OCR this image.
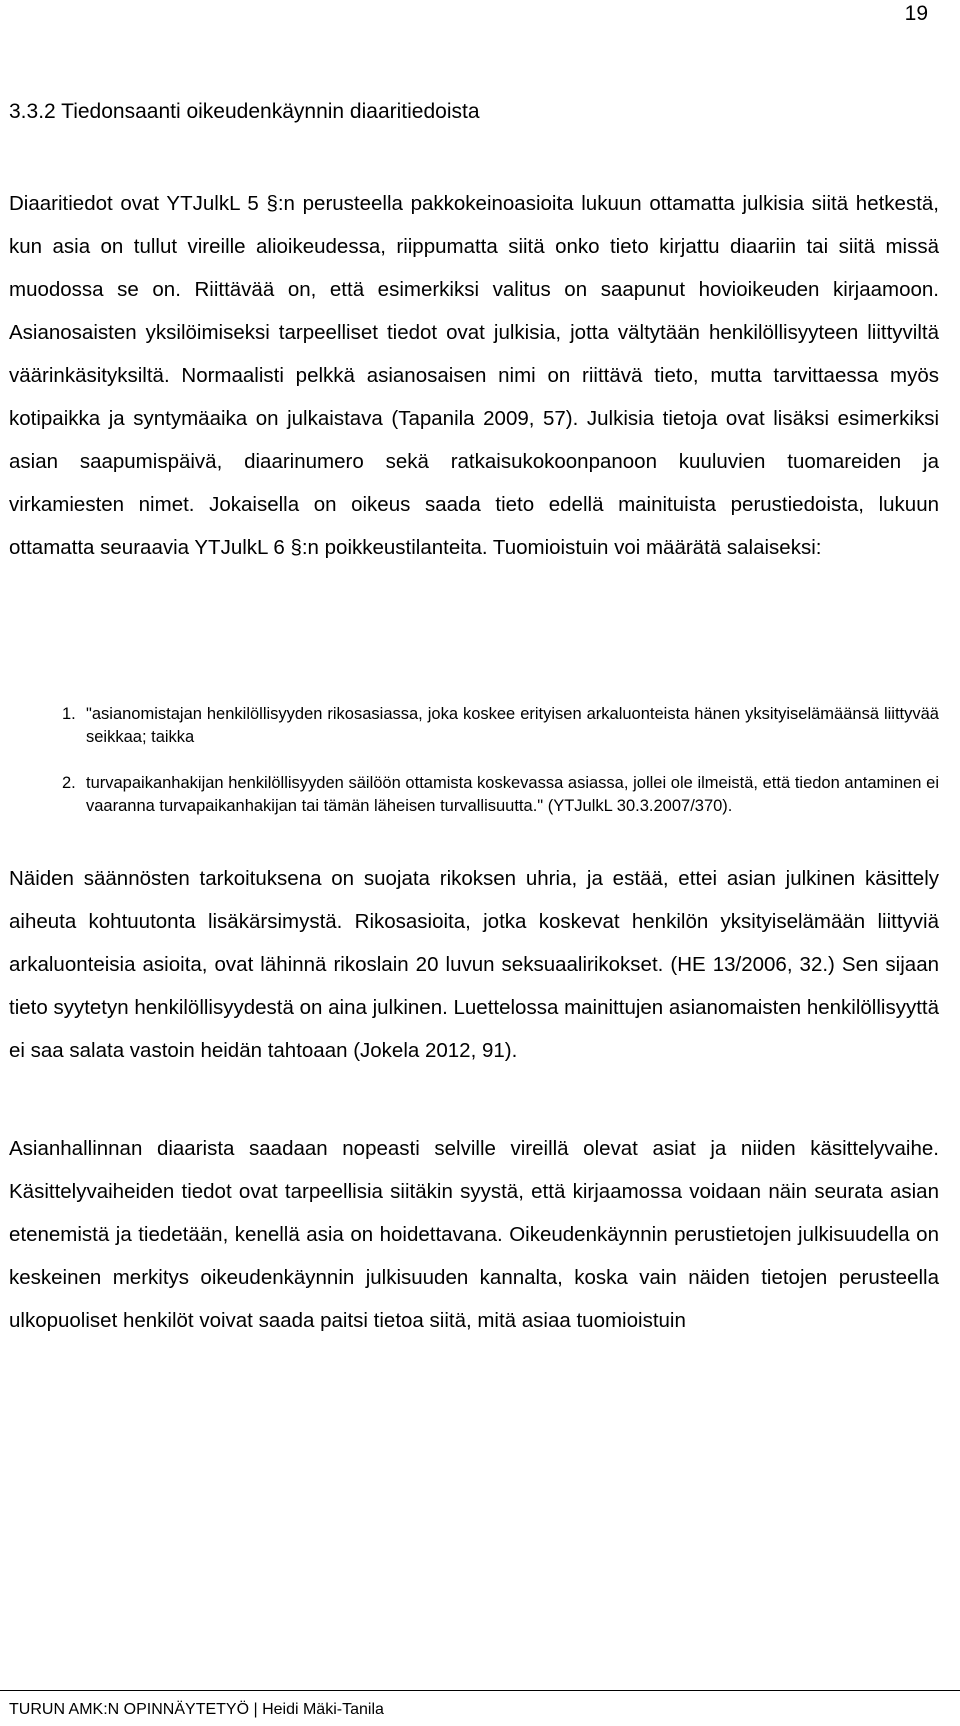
19
3.3.2 Tiedonsaanti oikeudenkäynnin diaaritiedoista

Diaaritiedot ovat YTJulkL 5 §:n perusteella pakkokeinoasioita lukuun ottamatta julkisia siitä hetkestä, kun asia on tullut vireille alioikeudessa, riippumatta siitä onko tieto kirjattu diaariin tai siitä missä muodossa se on. Riittävää on, että esimerkiksi valitus on saapunut hovioikeuden kirjaamoon. Asianosaisten yksilöimiseksi tarpeelliset tiedot ovat julkisia, jotta vältytään henkilöllisyyteen liittyviltä väärinkäsityksiltä. Normaalisti pelkkä asianosaisen nimi on riittävä tieto, mutta tarvittaessa myös kotipaikka ja syntymäaika on julkaistava (Tapanila 2009, 57). Julkisia tietoja ovat lisäksi esimerkiksi asian saapumispäivä, diaarinumero sekä ratkaisukokoonpanoon kuuluvien tuomareiden ja virkamiesten nimet. Jokaisella on oikeus saada tieto edellä mainituista perustiedoista, lukuun ottamatta seuraavia YTJulkL 6 §:n poikkeustilanteita. Tuomioistuin voi määrätä salaiseksi:

1. "asianomistajan henkilöllisyyden rikosasiassa, joka koskee erityisen arkaluonteista hänen yksityiselämäänsä liittyvää seikkaa; taikka
2. turvapaikanhakijan henkilöllisyyden säilöön ottamista koskevassa asiassa, jollei ole ilmeistä, että tiedon antaminen ei vaaranna turvapaikanhakijan tai tämän läheisen turvallisuutta." (YTJulkL 30.3.2007/370).

Näiden säännösten tarkoituksena on suojata rikoksen uhria, ja estää, ettei asian julkinen käsittely aiheuta kohtuutonta lisäkärsimystä. Rikosasioita, jotka koskevat henkilön yksityiselämään liittyviä arkaluonteisia asioita, ovat lähinnä rikoslain 20 luvun seksuaalirikokset. (HE 13/2006, 32.) Sen sijaan tieto syytetyn henkilöllisyydestä on aina julkinen. Luettelossa mainittujen asianomaisten henkilöllisyyttä ei saa salata vastoin heidän tahtoaan (Jokela 2012, 91).

Asianhallinnan diaarista saadaan nopeasti selville vireillä olevat asiat ja niiden käsittelyvaihe. Käsittelyvaiheiden tiedot ovat tarpeellisia siitäkin syystä, että kirjaamossa voidaan näin seurata asian etenemistä ja tiedetään, kenellä asia on hoidettavana. Oikeudenkäynnin perustietojen julkisuudella on keskeinen merkitys oikeudenkäynnin julkisuuden kannalta, koska vain näiden tietojen perusteella ulkopuoliset henkilöt voivat saada paitsi tietoa siitä, mitä asiaa tuomioistuin

TURUN AMK:N OPINNÄYTETYÖ | Heidi Mäki-Tanila
